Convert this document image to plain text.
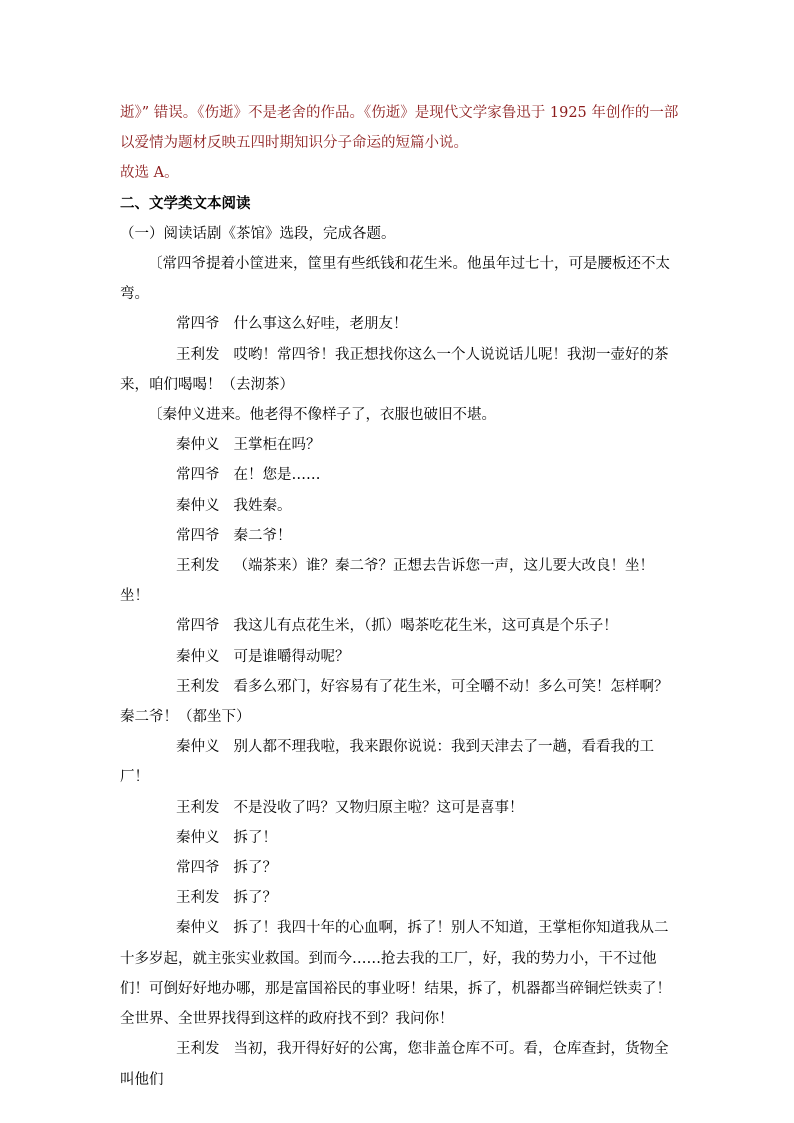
逝》” 错误。《伤逝》不是老舍的作品。《伤逝》是现代文学家鲁迅于 1925 年创作的一部以爱情为题材反映五四时期知识分子命运的短篇小说。

故选 A。

二、文学类文本阅读

（一）阅读话剧《茶馆》选段，完成各题。

〔常四爷提着小筐进来，筐里有些纸钱和花生米。他虽年过七十，可是腰板还不太弯。

常四爷 什么事这么好哇，老朋友！

王利发 哎哟！常四爷！我正想找你这么一个人说说话儿呢！我沏一壶好的茶来，咱们喝喝！（去沏茶）

〔秦仲义进来。他老得不像样子了，衣服也破旧不堪。

秦仲义 王掌柜在吗？

常四爷 在！您是……

秦仲义 我姓秦。

常四爷 秦二爷！

王利发 （端茶来）谁？秦二爷？正想去告诉您一声，这儿要大改良！坐！坐！

常四爷 我这儿有点花生米，（抓）喝茶吃花生米，这可真是个乐子！

秦仲义 可是谁嚼得动呢？

王利发 看多么邪门，好容易有了花生米，可全嚼不动！多么可笑！怎样啊？秦二爷！（都坐下）

秦仲义 别人都不理我啦，我来跟你说说：我到天津去了一趟，看看我的工厂！

王利发 不是没收了吗？又物归原主啦？这可是喜事！

秦仲义 拆了！

常四爷 拆了？

王利发 拆了？

秦仲义 拆了！我四十年的心血啊，拆了！别人不知道，王掌柜你知道我从二十多岁起，就主张实业救国。到而今……抢去我的工厂，好，我的势力小，干不过他们！可倒好好地办哪，那是富国裕民的事业呀！结果，拆了，机器都当碎铜烂铁卖了！全世界、全世界找得到这样的政府找不到？我问你！

王利发 当初，我开得好好的公寓，您非盖仓库不可。看，仓库查封，货物全叫他们
